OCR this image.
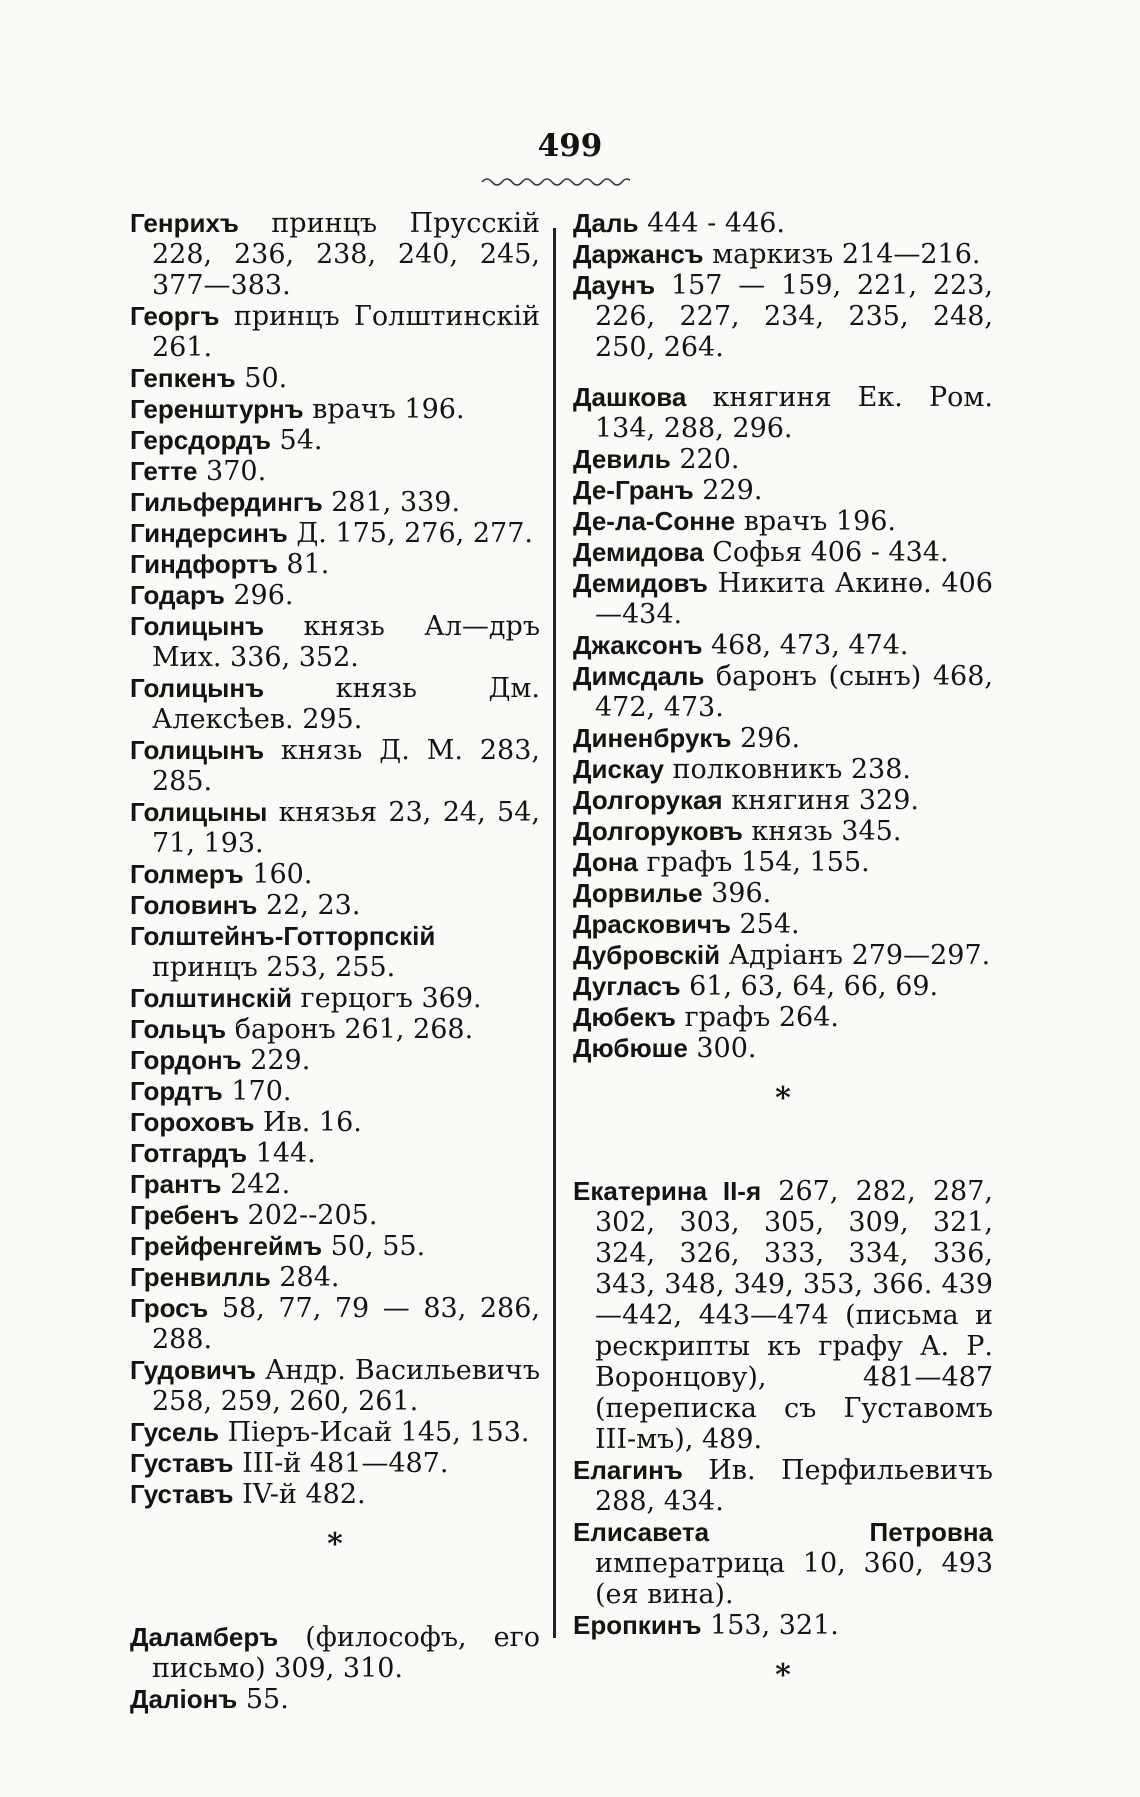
499

Генрихъ принцъ Прусскій 228, 236, 238, 240, 245, 377—383.

Георгъ принцъ Голштинскій 261.

Гепкенъ 50.

Геренштурнъ врачъ 196.

Герсдордъ 54.

Гетте 370.

Гильфердингъ 281, 339.

Гиндерсинъ Д. 175, 276, 277.

Гиндфортъ 81.

Годаръ 296.

Голицынъ князь Ал—дръ Мих. 336, 352.

Голицынъ князь Дм. Алексѣев. 295.

Голицынъ князь Д. М. 283, 285.

Голицыны князья 23, 24, 54, 71, 193.

Голмеръ 160.

Головинъ 22, 23.

Голштейнъ-Готторпскій принцъ 253, 255.

Голштинскій герцогъ 369.

Гольцъ баронъ 261, 268.

Гордонъ 229.

Гордтъ 170.

Гороховъ Ив. 16.

Готгардъ 144.

Грантъ 242.

Гребенъ 202--205.

Грейфенгеймъ 50, 55.

Гренвилль 284.

Гросъ 58, 77, 79 — 83, 286, 288.

Гудовичъ Андр. Васильевичъ 258, 259, 260, 261.

Гусель Піеръ-Исай 145, 153.

Густавъ III-й 481—487.

Густавъ IV-й 482.

*

Даламберъ (философъ, его письмо) 309, 310.

Даліонъ 55.

Даль 444 - 446.

Даржансъ маркизъ 214—216.

Даунъ 157 — 159, 221, 223, 226, 227, 234, 235, 248, 250, 264.

Дашкова княгиня Ек. Ром. 134, 288, 296.

Девиль 220.

Де-Гранъ 229.

Де-ла-Сонне врачъ 196.

Демидова Софья 406 - 434.

Демидовъ Никита Акинѳ. 406—434.

Джаксонъ 468, 473, 474.

Димсдаль баронъ (сынъ) 468, 472, 473.

Диненбрукъ 296.

Дискау полковникъ 238.

Долгорукая княгиня 329.

Долгоруковъ князь 345.

Дона графъ 154, 155.

Дорвилье 396.

Драсковичъ 254.

Дубровскій Адріанъ 279—297.

Дугласъ 61, 63, 64, 66, 69.

Дюбекъ графъ 264.

Дюбюше 300.

*

Екатерина II-я 267, 282, 287, 302, 303, 305, 309, 321, 324, 326, 333, 334, 336, 343, 348, 349, 353, 366. 439—442, 443—474 (письма и рескрипты къ графу А. Р. Воронцову), 481—487 (переписка съ Густавомъ III-мъ), 489.

Елагинъ Ив. Перфильевичъ 288, 434.

Елисавета Петровна императрица 10, 360, 493 (ея вина).

Еропкинъ 153, 321.

*
